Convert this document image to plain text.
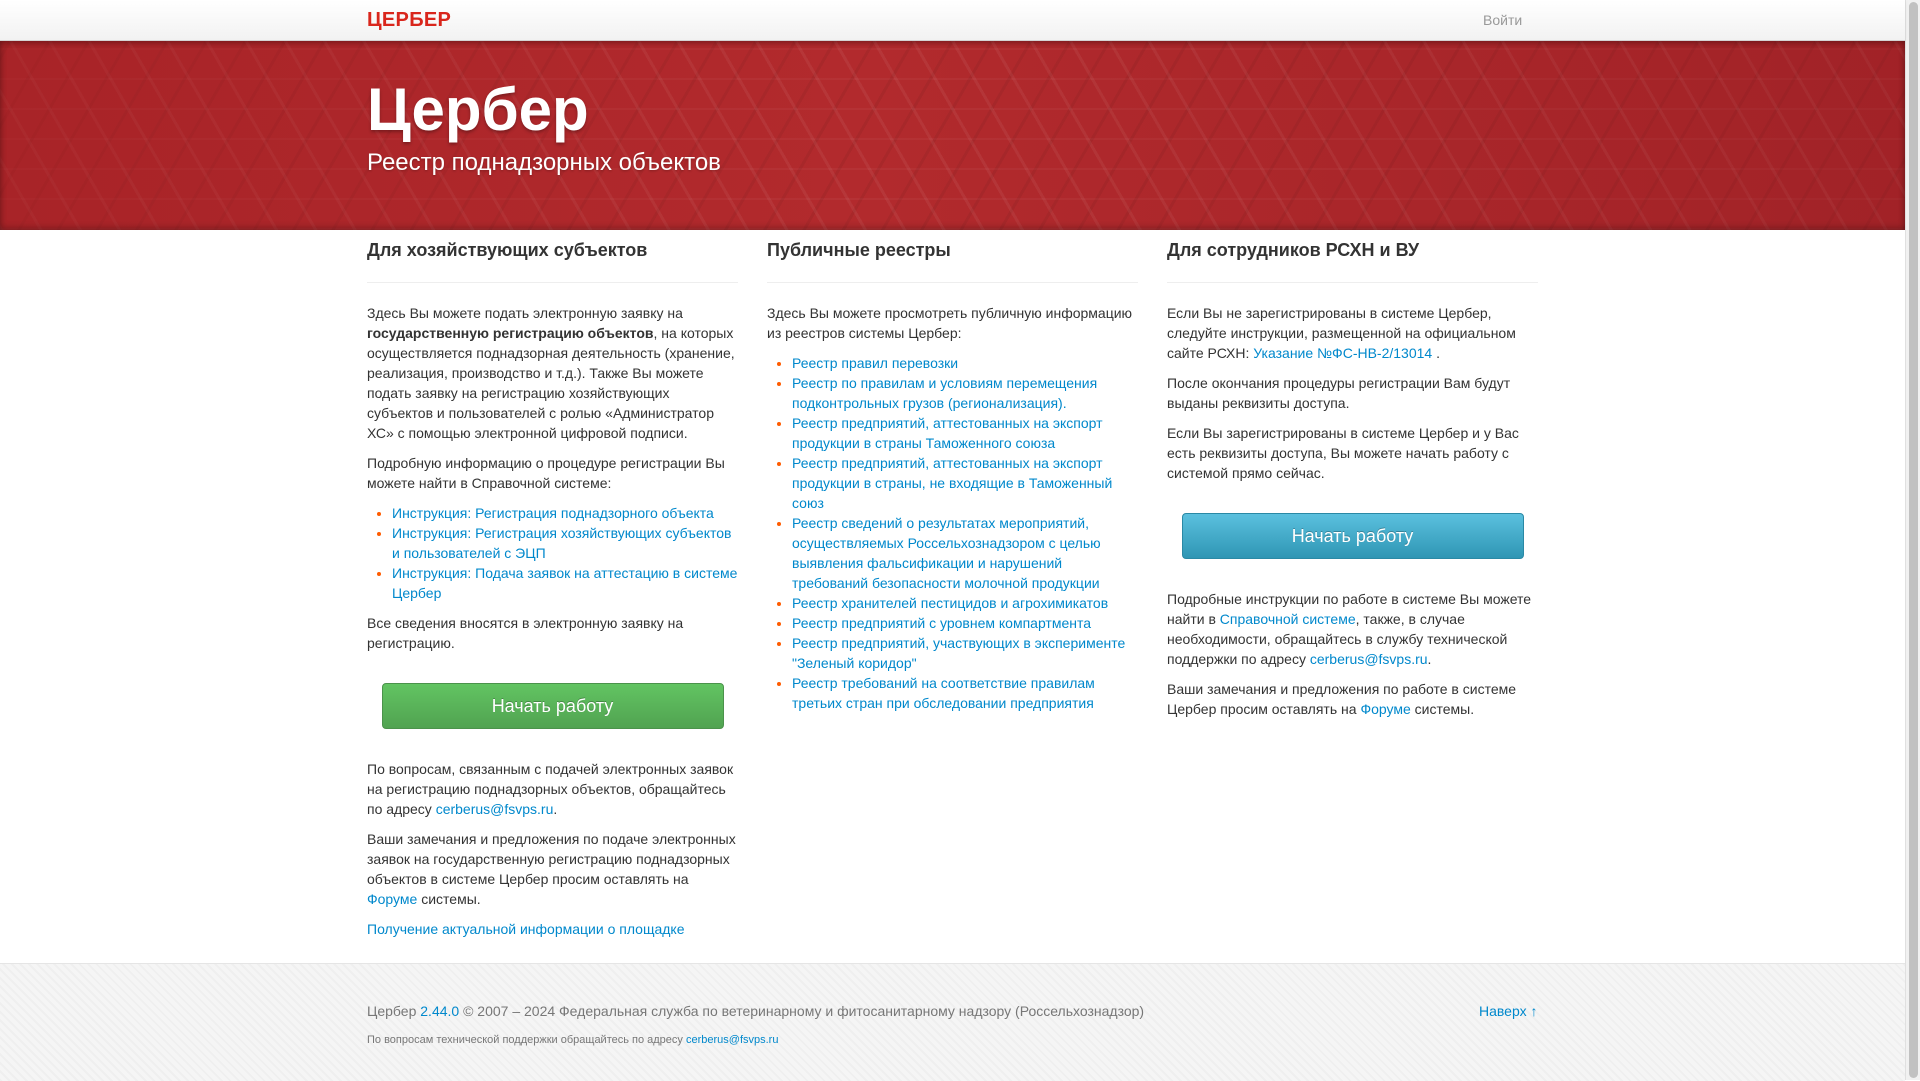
ЦЕРБЕР	Войти
Цербер
Реестр поднадзорных объектов
Для хозяйствующих субъектов

Здесь Вы можете подать электронную заявку на государственную регистрацию объектов, на которых осуществляется поднадзорная деятельность (хранение, реализация, производство и т.д.). Также Вы можете подать заявку на регистрацию хозяйствующих субъектов и пользователей с ролью «Администратор ХС» с помощью электронной цифровой подписи.

Подробную информацию о процедуре регистрации Вы можете найти в Справочной системе:

• Инструкция: Регистрация поднадзорного объекта
• Инструкция: Регистрация хозяйствующих субъектов и пользователей с ЭЦП
• Инструкция: Подача заявок на аттестацию в системе Цербер

Все сведения вносятся в электронную заявку на регистрацию.

Начать работу

По вопросам, связанным с подачей электронных заявок на регистрацию поднадзорных объектов, обращайтесь по адресу cerberus@fsvps.ru.

Ваши замечания и предложения по подаче электронных заявок на государственную регистрацию поднадзорных объектов в системе Цербер просим оставлять на Форуме системы.

Получение актуальной информации о площадке

Публичные реестры

Здесь Вы можете просмотреть публичную информацию из реестров системы Цербер:

• Реестр правил перевозки
• Реестр по правилам и условиям перемещения подконтрольных грузов (регионализация).
• Реестр предприятий, аттестованных на экспорт продукции в страны Таможенного союза
• Реестр предприятий, аттестованных на экспорт продукции в страны, не входящие в Таможенный союз
• Реестр сведений о результатах мероприятий, осуществляемых Россельхознадзором с целью выявления фальсификации и нарушений требований безопасности молочной продукции
• Реестр хранителей пестицидов и агрохимикатов
• Реестр предприятий с уровнем компартмента
• Реестр предприятий, участвующих в эксперименте "Зеленый коридор"
• Реестр требований на соответствие правилам третьих стран при обследовании предприятия
Для сотрудников РСХН и ВУ

Если Вы не зарегистрированы в системе Цербер, следуйте инструкции, размещенной на официальном сайте РСХН: Указание №ФС-НВ-2/13014 .

После окончания процедуры регистрации Вам будут выданы реквизиты доступа.

Если Вы зарегистрированы в системе Цербер и у Вас есть реквизиты доступа, Вы можете начать работу с системой прямо сейчас.

Начать работу

Подробные инструкции по работе в системе Вы можете найти в Справочной системе, также, в случае необходимости, обращайтесь в службу технической поддержки по адресу cerberus@fsvps.ru.

Ваши замечания и предложения по работе в системе Цербер просим оставлять на Форуме системы.

Цербер 2.44.0 © 2007 – 2024 Федеральная служба по ветеринарному и фитосанитарному надзору (Россельхознадзор)	Наверх ↑
По вопросам технической поддержки обращайтесь по адресу cerberus@fsvps.ru
